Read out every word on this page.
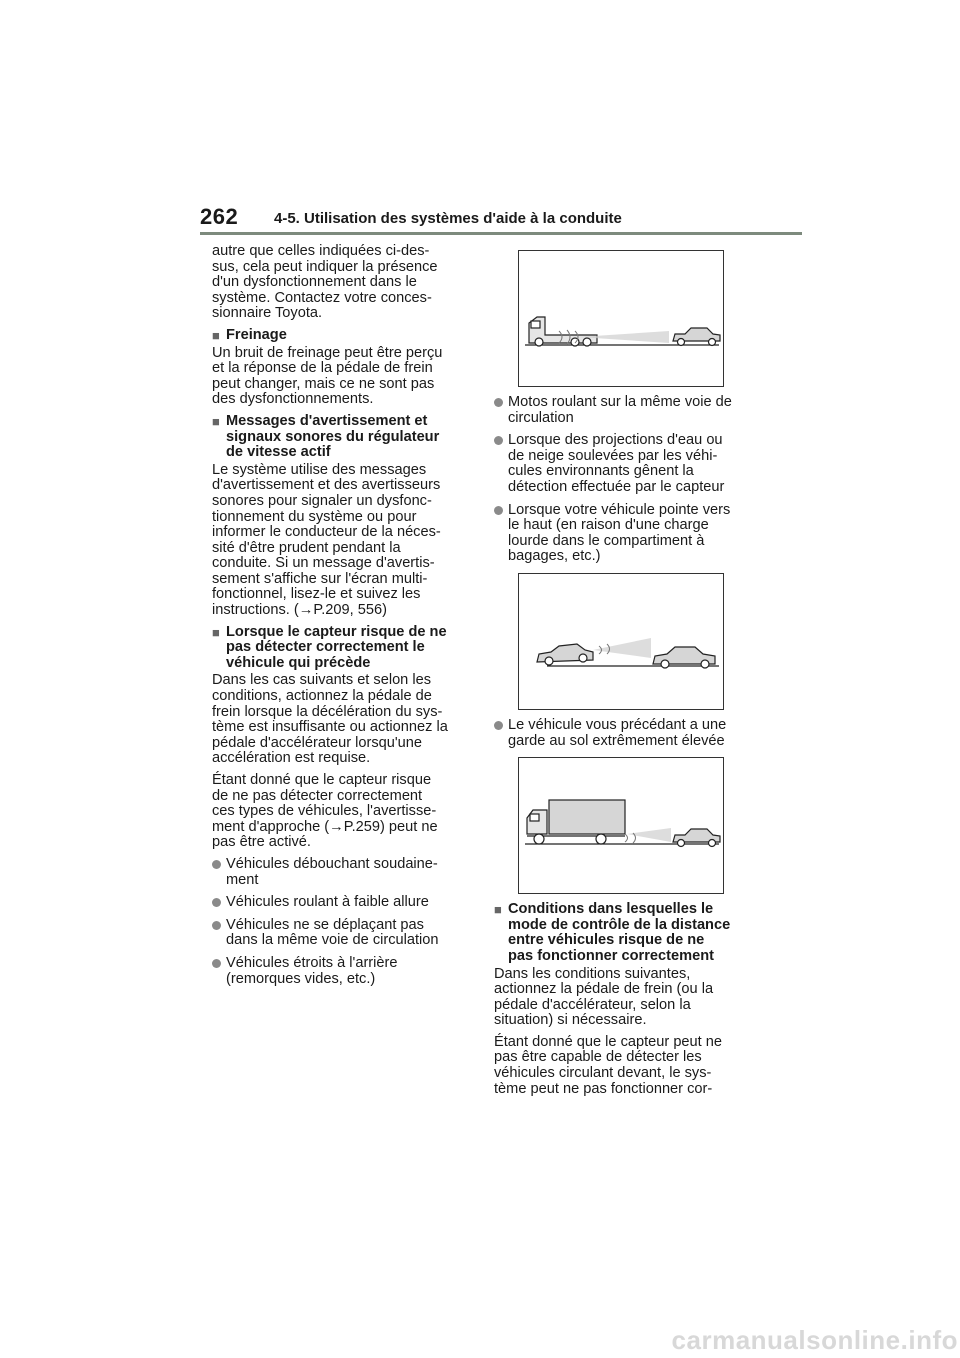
262 4-5. Utilisation des systèmes d'aide à la conduite

autre que celles indiquées ci-des-
sus, cela peut indiquer la présence
d'un dysfonctionnement dans le
système. Contactez votre conces-
sionnaire Toyota.

■ Freinage

Un bruit de freinage peut être perçu
et la réponse de la pédale de frein
peut changer, mais ce ne sont pas
des dysfonctionnements.

■ Messages d'avertissement et
signaux sonores du régulateur
de vitesse actif

Le système utilise des messages
d'avertissement et des avertisseurs
sonores pour signaler un dysfonc-
tionnement du système ou pour
informer le conducteur de la néces-
sité d'être prudent pendant la
conduite. Si un message d'avertis-
sement s'affiche sur l'écran multi-
fonctionnel, lisez-le et suivez les
instructions. (→P.209, 556)

■ Lorsque le capteur risque de ne
pas détecter correctement le
véhicule qui précède

Dans les cas suivants et selon les
conditions, actionnez la pédale de
frein lorsque la décélération du sys-
tème est insuffisante ou actionnez la
pédale d'accélérateur lorsqu'une
accélération est requise.

Étant donné que le capteur risque
de ne pas détecter correctement
ces types de véhicules, l'avertisse-
ment d'approche (→P.259) peut ne
pas être activé.

Véhicules débouchant soudaine-
ment
Véhicules roulant à faible allure
Véhicules ne se déplaçant pas
dans la même voie de circulation
Véhicules étroits à l'arrière
(remorques vides, etc.)
Motos roulant sur la même voie de
circulation
Lorsque des projections d'eau ou
de neige soulevées par les véhi-
cules environnants gênent la
détection effectuée par le capteur
Lorsque votre véhicule pointe vers
le haut (en raison d'une charge
lourde dans le compartiment à
bagages, etc.)
Le véhicule vous précédant a une
garde au sol extrêmement élevée
■ Conditions dans lesquelles le
mode de contrôle de la distance
entre véhicules risque de ne
pas fonctionner correctement

Dans les conditions suivantes,
actionnez la pédale de frein (ou la
pédale d'accélérateur, selon la
situation) si nécessaire.

Étant donné que le capteur peut ne
pas être capable de détecter les
véhicules circulant devant, le sys-
tème peut ne pas fonctionner cor-

carmanualsonline.info
